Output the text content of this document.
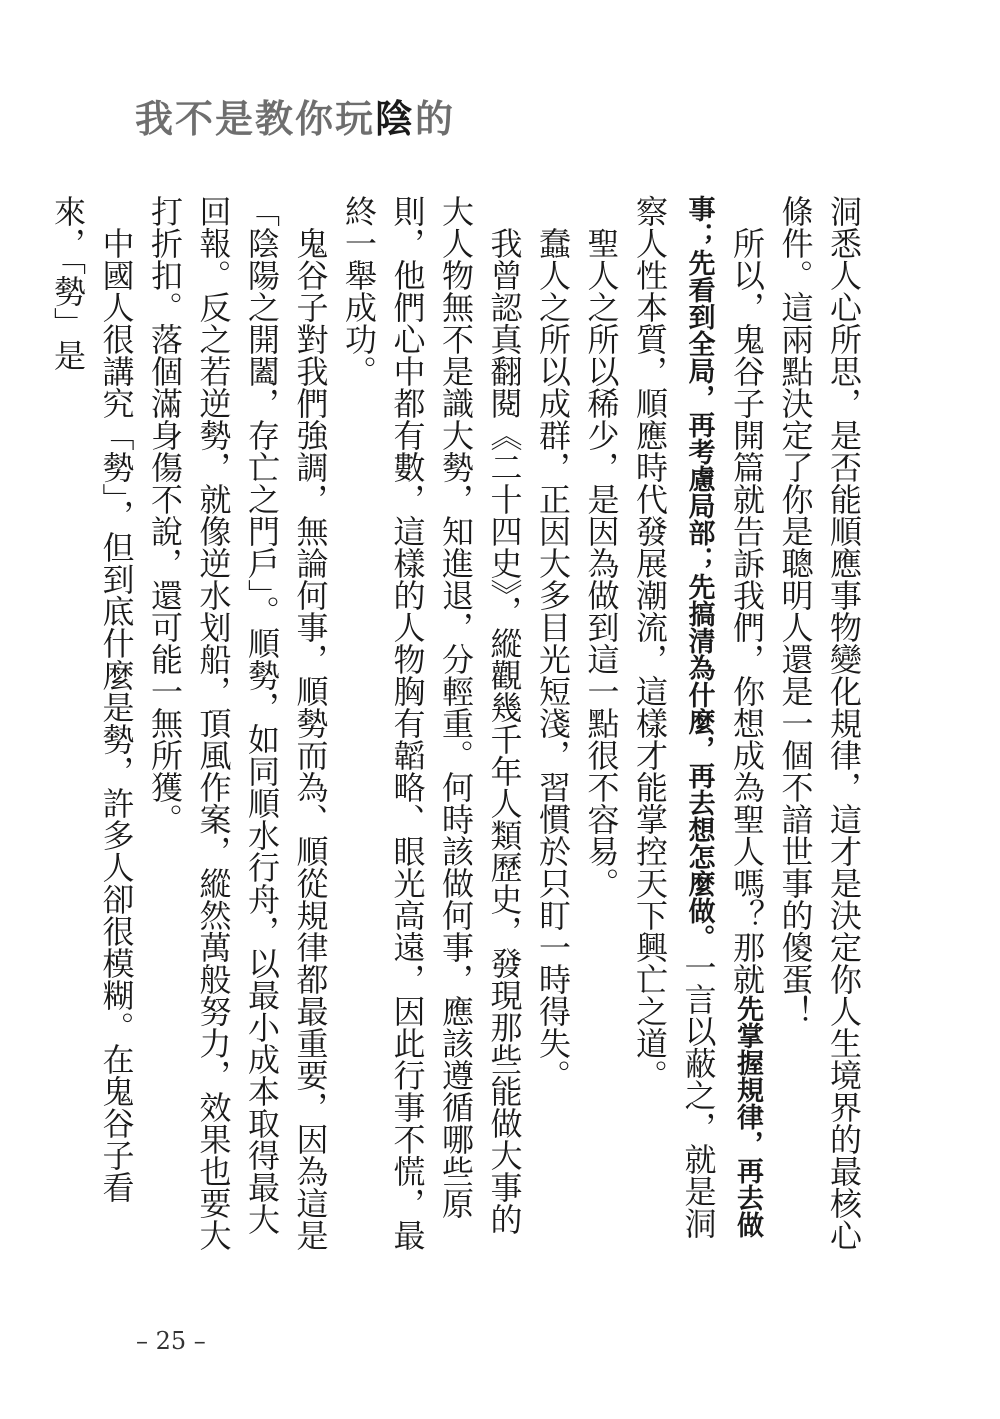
我不是教你玩陰的

洞悉人心所思，是否能順應事物變化規律，這才是決定你人生境界的最核心條件。這兩點決定了你是聰明人還是一個不諳世事的傻蛋！

所以，鬼谷子開篇就告訴我們，你想成為聖人嗎？那就先掌握規律，再去做事；先看到全局，再考慮局部；先搞清為什麼，再去想怎麼做。一言以蔽之，就是洞察人性本質，順應時代發展潮流，這樣才能掌控天下興亡之道。

聖人之所以稀少，是因為做到這一點很不容易。

蠢人之所以成群，正因大多目光短淺，習慣於只盯一時得失。

我曾認真翻閱《二十四史》，縱觀幾千年人類歷史，發現那些能做大事的大人物無不是識大勢，知進退，分輕重。何時該做何事，應該遵循哪些原則，他們心中都有數，這樣的人物胸有韜略、眼光高遠，因此行事不慌，最終一舉成功。

鬼谷子對我們強調，無論何事，順勢而為、順從規律都最重要，因為這是「陰陽之開闔，存亡之門戶」。順勢，如同順水行舟，以最小成本取得最大回報。反之若逆勢，就像逆水划船，頂風作案，縱然萬般努力，效果也要大打折扣。落個滿身傷不說，還可能一無所獲。

中國人很講究「勢」，但到底什麼是勢，許多人卻很模糊。在鬼谷子看來，「勢」是

– 25 –
